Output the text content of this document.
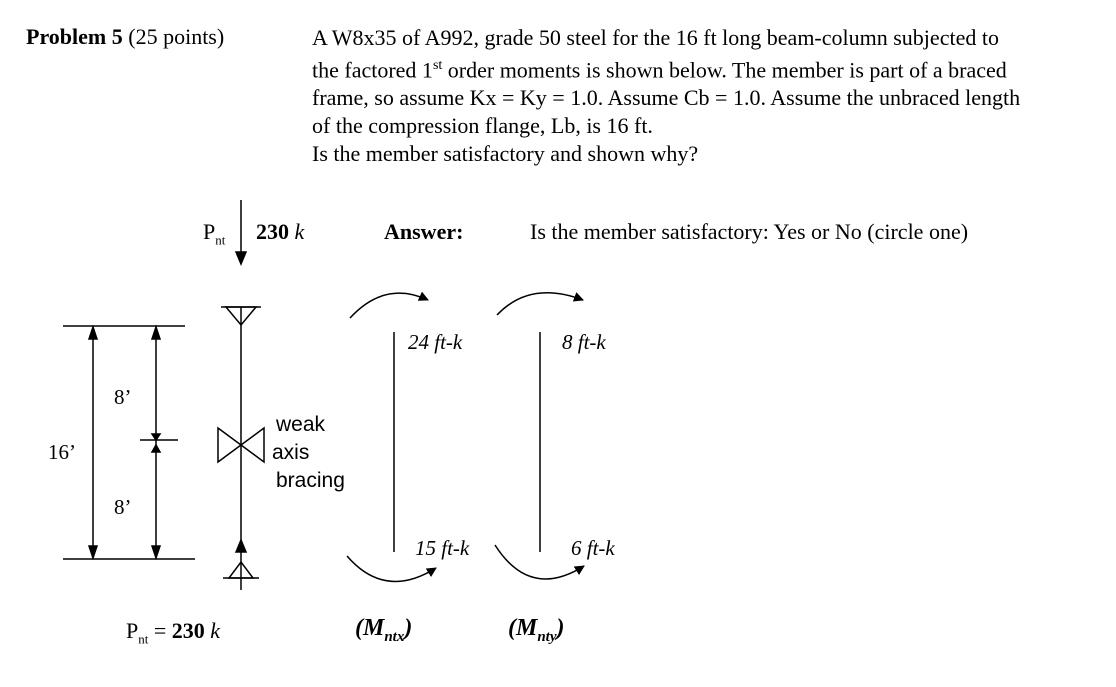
Problem 5 (25 points)	A W8x35 of A992, grade 50 steel for the 16 ft long beam-column subjected to
the factored 1st order moments is shown below. The member is part of a braced
frame, so assume Kx = Ky = 1.0. Assume Cb = 1.0. Assume the unbraced length
of the compression flange, Lb, is 16 ft.
Is the member satisfactory and shown why?
Answer:	Is the member satisfactory: Yes or No (circle one)
$P_{nt}$ 230 k
$P_{nt} = 230$ k
16’
8’
8’
weak
axis
bracing
24 ft-k
15 ft-k
8 ft-k
6 ft-k
$(M_{ntx})$	$(M_{nty})$
